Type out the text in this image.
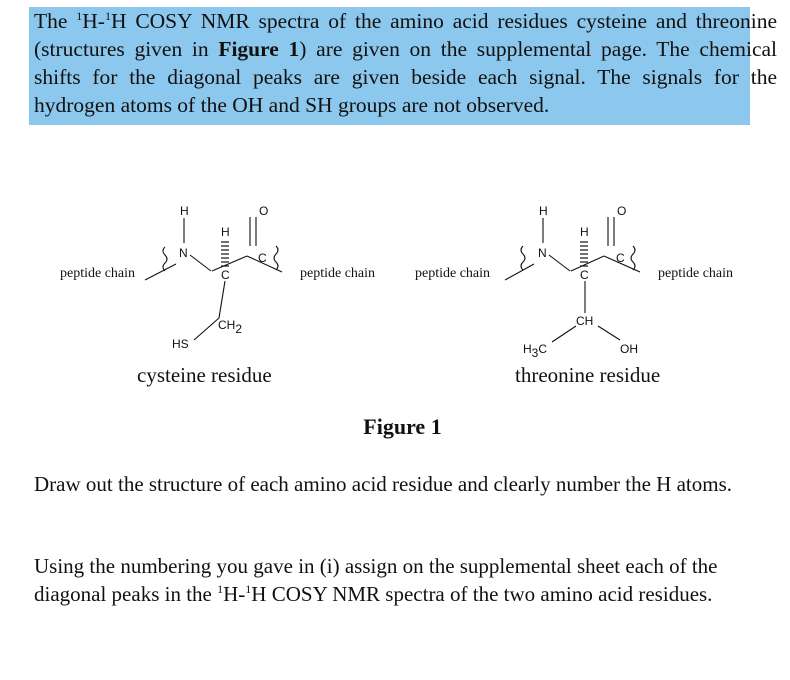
The $^1$H-$^1$H COSY NMR spectra of the amino acid residues cysteine and threonine (structures given in Figure 1) are given on the supplemental page. The chemical shifts for the diagonal peaks are given beside each signal. The signals for the hydrogen atoms of the OH and SH groups are not observed.
peptide chain	peptide chain
H
N
H
C
C
O
CH2
HS
cysteine residue
peptide chain	peptide chain
H
N
H
C
C
O
CH
H3C	OH
threonine residue
Figure 1
Draw out the structure of each amino acid residue and clearly number the H atoms.
Using the numbering you gave in (i) assign on the supplemental sheet each of the diagonal peaks in the $^1$H-$^1$H COSY NMR spectra of the two amino acid residues.
